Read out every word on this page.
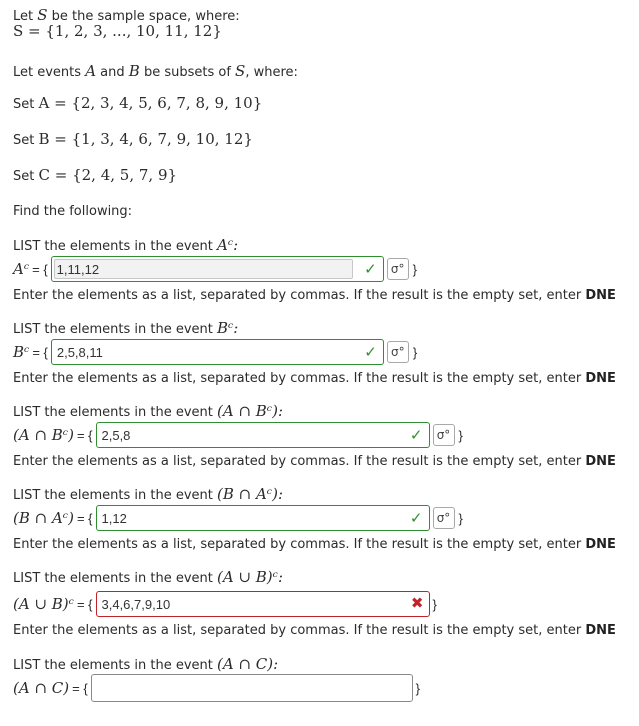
Let S be the sample space, where:
S = {1, 2, 3, ..., 10, 11, 12}
Let events A and B be subsets of S, where:
Set A = {2, 3, 4, 5, 6, 7, 8, 9, 10}
Set B = {1, 3, 4, 6, 7, 9, 10, 12}
Set C = {2, 4, 5, 7, 9}
Find the following:
LIST the elements in the event Aᶜ:
Aᶜ = { 1,11,12	✓	σ° }
Enter the elements as a list, separated by commas. If the result is the empty set, enter DNE
LIST the elements in the event Bᶜ:
Bᶜ = { 2,5,8,11	✓	σ° }
Enter the elements as a list, separated by commas. If the result is the empty set, enter DNE
LIST the elements in the event (A ∩ Bᶜ):
(A ∩ Bᶜ) = { 2,5,8	✓	σ° }
Enter the elements as a list, separated by commas. If the result is the empty set, enter DNE
LIST the elements in the event (B ∩ Aᶜ):
(B ∩ Aᶜ) = { 1,12	✓	σ° }
Enter the elements as a list, separated by commas. If the result is the empty set, enter DNE
LIST the elements in the event (A ∪ B)ᶜ:
(A ∪ B)ᶜ = { 3,4,6,7,9,10	✖ }
Enter the elements as a list, separated by commas. If the result is the empty set, enter DNE
LIST the elements in the event (A ∩ C):
(A ∩ C) = {	}
